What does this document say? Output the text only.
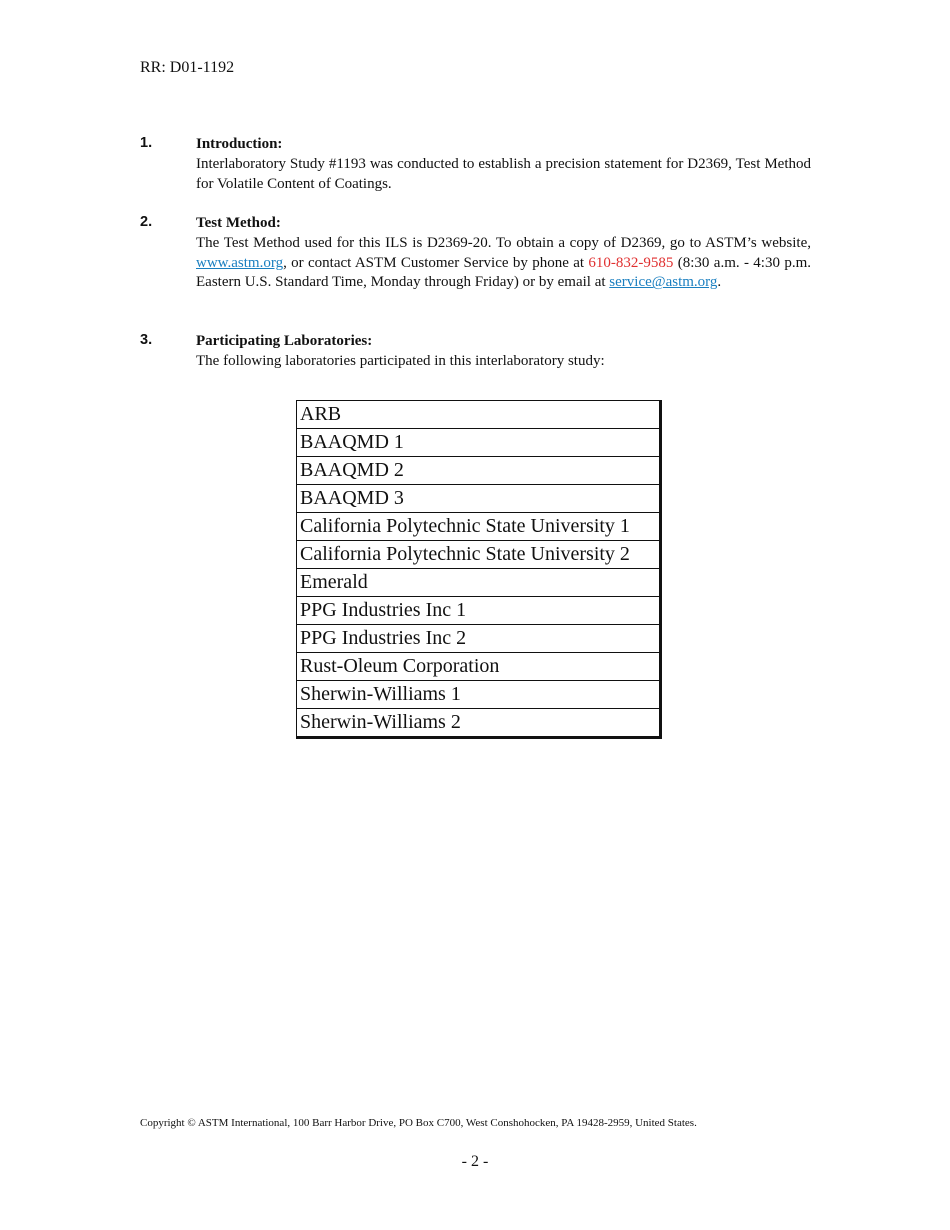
RR: D01-1192
1.	Introduction:
Interlaboratory Study #1193 was conducted to establish a precision statement for D2369, Test Method for Volatile Content of Coatings.
2.	Test Method:
The Test Method used for this ILS is D2369-20. To obtain a copy of D2369, go to ASTM’s website, www.astm.org, or contact ASTM Customer Service by phone at 610-832-9585 (8:30 a.m. - 4:30 p.m. Eastern U.S. Standard Time, Monday through Friday) or by email at service@astm.org.
3.	Participating Laboratories:
The following laboratories participated in this interlaboratory study:
ARB
BAAQMD 1
BAAQMD 2
BAAQMD 3
California Polytechnic State University 1
California Polytechnic State University 2
Emerald
PPG Industries Inc 1
PPG Industries Inc 2
Rust-Oleum Corporation
Sherwin-Williams 1
Sherwin-Williams 2
Copyright © ASTM International, 100 Barr Harbor Drive, PO Box C700, West Conshohocken, PA 19428-2959, United States.
- 2 -
